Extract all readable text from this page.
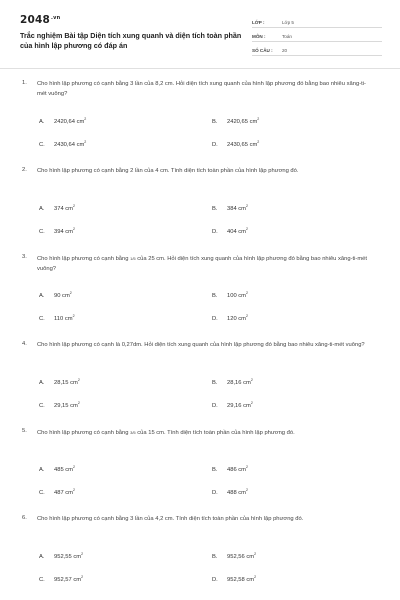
$2048^{.vn}$
Trắc nghiệm Bài tập Diện tích xung quanh và diện tích toàn phần của hình lập phương có đáp án
LỚP :	Lớp 5
MÔN :	Toán
SỐ CÂU :	20
1. Cho hình lập phương có cạnh bằng 3 lần của 8,2 cm. Hỏi diện tích xung quanh của hình lập phương đó bằng bao nhiêu xăng-ti-mét vuông?
A. 2420,64 $cm^2$	B. 2420,65 $cm^2$
C. 2430,64 $cm^2$	D. 2430,65 $cm^2$
2. Cho hình lập phương có cạnh bằng 2 lần của 4 cm. Tính diện tích toàn phần của hình lập phương đó.
A. 374 $cm^2$	B. 384 $cm^2$
C. 394 $cm^2$	D. 404 $cm^2$
3. Cho hình lập phương có cạnh bằng 1/5 của 25 cm. Hỏi diện tích xung quanh của hình lập phương đó bằng bao nhiêu xăng-ti-mét vuông?
A. 90 $cm^2$	B. 100 $cm^2$
C. 110 $cm^2$	D. 120 $cm^2$
4. Cho hình lập phương có cạnh là 0,27dm. Hỏi diện tích xung quanh của hình lập phương đó bằng bao nhiêu xăng-ti-mét vuông?
A. 28,15 $cm^2$	B. 28,16 $cm^2$
C. 29,15 $cm^2$	D. 29,16 $cm^2$
5. Cho hình lập phương có cạnh bằng 3/5 của 15 cm. Tính diện tích toàn phần của hình lập phương đó.
A. 485 $cm^2$	B. 486 $cm^2$
C. 487 $cm^2$	D. 488 $cm^2$
6. Cho hình lập phương có cạnh bằng 3 lần của 4,2 cm. Tính diện tích toàn phần của hình lập phương đó.
A. 952,55 $cm^2$	B. 952,56 $cm^2$
C. 952,57 $cm^2$	D. 952,58 $cm^2$
